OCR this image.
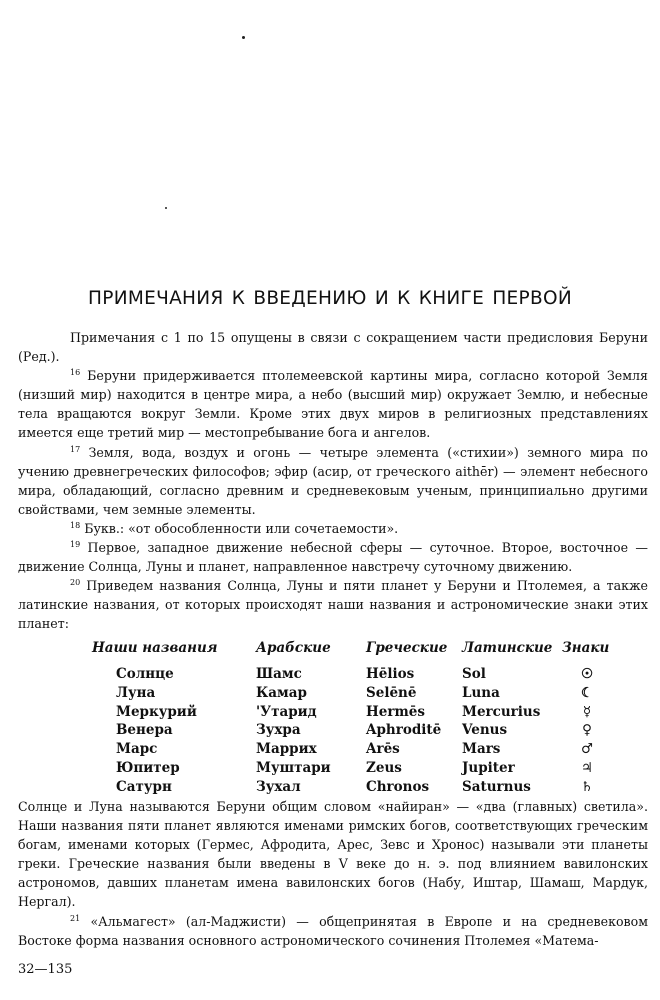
ПРИМЕЧАНИЯ К ВВЕДЕНИЮ И К КНИГЕ ПЕРВОЙ

Примечания с 1 по 15 опущены в связи с сокращением части предисловия Беруни (Ред.).

$^{16}$ Беруни придерживается птолемеевской картины мира, согласно которой Земля (низший мир) находится в центре мира, а небо (высший мир) окружает Землю, и небесные тела вращаются вокруг Земли. Кроме этих двух миров в религиозных представлениях имеется еще третий мир — местопребывание бога и ангелов.

$^{17}$ Земля, вода, воздух и огонь — четыре элемента («стихии») земного мира по учению древнегреческих философов; эфир (асир, от греческого aithēr) — элемент небесного мира, обладающий, согласно древним и средневековым ученым, принципиально другими свойствами, чем земные элементы.

$^{18}$ Букв.: «от обособленности или сочетаемости».

$^{19}$ Первое, западное движение небесной сферы — суточное. Второе, восточное — движение Солнца, Луны и планет, направленное навстречу суточному движению.

$^{20}$ Приведем названия Солнца, Луны и пяти планет у Беруни и Птолемея, а также латинские названия, от которых происходят наши названия и астрономические знаки этих планет:

Наши названия	Арабские	Греческие	Латинские	Знаки
Солнце	Шамс	Hēlios	Sol	☉
Луна	Камар	Selēnē	Luna	☾
Меркурий	'Утарид	Hermēs	Mercurius	☿
Венера	Зухра	Aphroditē	Venus	♀
Марс	Маррих	Arēs	Mars	♂
Юпитер	Муштари	Zeus	Jupiter	♃
Сатурн	Зухал	Chronos	Saturnus	♄

Солнце и Луна называются Беруни общим словом «найиран» — «два (главных) светила». Наши названия пяти планет являются именами римских богов, соответствующих греческим богам, именами которых (Гермес, Афродита, Арес, Зевс и Хронос) называли эти планеты греки. Греческие названия были введены в V веке до н. э. под влиянием вавилонских астрономов, давших планетам имена вавилонских богов (Набу, Иштар, Шамаш, Мардук, Нергал).

$^{21}$ «Альмагест» (ал-Маджисти) — общепринятая в Европе и на средневековом Востоке форма названия основного астрономического сочинения Птолемея «Матема-

32—135
